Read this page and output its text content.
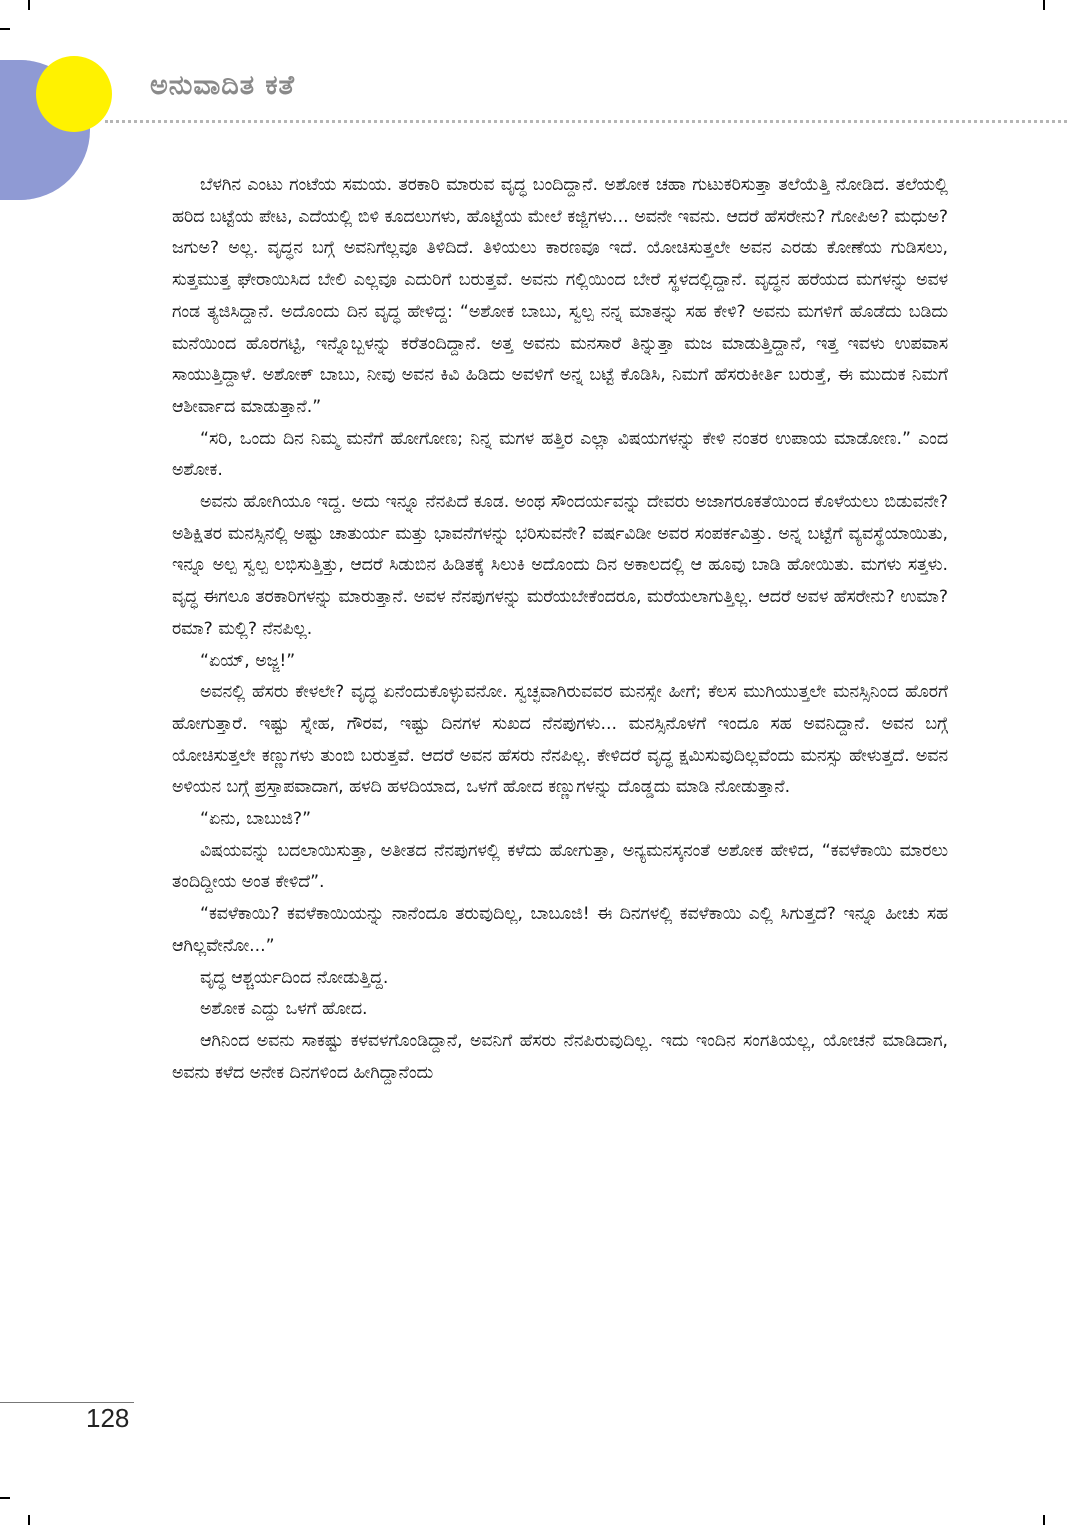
ಅನುವಾದಿತ ಕತೆ

ಬೆಳಗಿನ ಎಂಟು ಗಂಟೆಯ ಸಮಯ. ತರಕಾರಿ ಮಾರುವ ವೃದ್ಧ ಬಂದಿದ್ದಾನೆ. ಅಶೋಕ ಚಹಾ ಗುಟುಕರಿಸುತ್ತಾ ತಲೆಯೆತ್ತಿ ನೋಡಿದ. ತಲೆಯಲ್ಲಿ ಹರಿದ ಬಟ್ಟೆಯ ಪೇಟ, ಎದೆಯಲ್ಲಿ ಬಿಳಿ ಕೂದಲುಗಳು, ಹೊಟ್ಟೆಯ ಮೇಲೆ ಕಜ್ಜಿಗಳು... ಅವನೇ ಇವನು. ಆದರೆ ಹೆಸರೇನು? ಗೋಪಿಅ? ಮಧುಅ? ಜಗುಅ? ಅಲ್ಲ. ವೃದ್ಧನ ಬಗ್ಗೆ ಅವನಿಗೆಲ್ಲವೂ ತಿಳಿದಿದೆ. ತಿಳಿಯಲು ಕಾರಣವೂ ಇದೆ. ಯೋಚಿಸುತ್ತಲೇ ಅವನ ಎರಡು ಕೋಣೆಯ ಗುಡಿಸಲು, ಸುತ್ತಮುತ್ತ ಘೇರಾಯಿಸಿದ ಬೇಲಿ ಎಲ್ಲವೂ ಎದುರಿಗೆ ಬರುತ್ತವೆ. ಅವನು ಗಲ್ಲಿಯಿಂದ ಬೇರೆ ಸ್ಥಳದಲ್ಲಿದ್ದಾನೆ. ವೃದ್ಧನ ಹರೆಯದ ಮಗಳನ್ನು ಅವಳ ಗಂಡ ತ್ಯಜಿಸಿದ್ದಾನೆ. ಅದೊಂದು ದಿನ ವೃದ್ಧ ಹೇಳಿದ್ದ: “ಅಶೋಕ ಬಾಬು, ಸ್ವಲ್ಪ ನನ್ನ ಮಾತನ್ನು ಸಹ ಕೇಳಿ? ಅವನು ಮಗಳಿಗೆ ಹೊಡೆದು ಬಡಿದು ಮನೆಯಿಂದ ಹೊರಗಟ್ಟಿ, ಇನ್ನೊಬ್ಬಳನ್ನು ಕರೆತಂದಿದ್ದಾನೆ. ಅತ್ತ ಅವನು ಮನಸಾರೆ ತಿನ್ನುತ್ತಾ ಮಜ ಮಾಡುತ್ತಿದ್ದಾನೆ, ಇತ್ತ ಇವಳು ಉಪವಾಸ ಸಾಯುತ್ತಿದ್ದಾಳೆ. ಅಶೋಕ್ ಬಾಬು, ನೀವು ಅವನ ಕಿವಿ ಹಿಡಿದು ಅವಳಿಗೆ ಅನ್ನ ಬಟ್ಟೆ ಕೊಡಿಸಿ, ನಿಮಗೆ ಹೆಸರುಕೀರ್ತಿ ಬರುತ್ತೆ, ಈ ಮುದುಕ ನಿಮಗೆ ಆಶೀರ್ವಾದ ಮಾಡುತ್ತಾನೆ.”

“ಸರಿ, ಒಂದು ದಿನ ನಿಮ್ಮ ಮನೆಗೆ ಹೋಗೋಣ; ನಿನ್ನ ಮಗಳ ಹತ್ತಿರ ಎಲ್ಲಾ ವಿಷಯಗಳನ್ನು ಕೇಳಿ ನಂತರ ಉಪಾಯ ಮಾಡೋಣ.” ಎಂದ ಅಶೋಕ.

ಅವನು ಹೋಗಿಯೂ ಇದ್ದ. ಅದು ಇನ್ನೂ ನೆನಪಿದೆ ಕೂಡ. ಅಂಥ ಸೌಂದರ್ಯವನ್ನು ದೇವರು ಅಜಾಗರೂಕತೆಯಿಂದ ಕೊಳೆಯಲು ಬಿಡುವನೇ? ಅಶಿಕ್ಷಿತರ ಮನಸ್ಸಿನಲ್ಲಿ ಅಷ್ಟು ಚಾತುರ್ಯ ಮತ್ತು ಭಾವನೆಗಳನ್ನು ಭರಿಸುವನೇ? ವರ್ಷವಿಡೀ ಅವರ ಸಂಪರ್ಕವಿತ್ತು. ಅನ್ನ ಬಟ್ಟೆಗೆ ವ್ಯವಸ್ಥೆಯಾಯಿತು, ಇನ್ನೂ ಅಲ್ಪ ಸ್ವಲ್ಪ ಲಭಿಸುತ್ತಿತ್ತು, ಆದರೆ ಸಿಡುಬಿನ ಹಿಡಿತಕ್ಕೆ ಸಿಲುಕಿ ಅದೊಂದು ದಿನ ಅಕಾಲದಲ್ಲಿ ಆ ಹೂವು ಬಾಡಿ ಹೋಯಿತು. ಮಗಳು ಸತ್ತಳು. ವೃದ್ಧ ಈಗಲೂ ತರಕಾರಿಗಳನ್ನು ಮಾರುತ್ತಾನೆ. ಅವಳ ನೆನಪುಗಳನ್ನು ಮರೆಯಬೇಕೆಂದರೂ, ಮರೆಯಲಾಗುತ್ತಿಲ್ಲ. ಆದರೆ ಅವಳ ಹೆಸರೇನು? ಉಮಾ? ರಮಾ? ಮಲ್ಲಿ? ನೆನಪಿಲ್ಲ.

“ಏಯ್, ಅಜ್ಜ!”

ಅವನಲ್ಲಿ ಹೆಸರು ಕೇಳಲೇ? ವೃದ್ಧ ಏನೆಂದುಕೊಳ್ಳುವನೋ. ಸ್ವಚ್ಛವಾಗಿರುವವರ ಮನಸ್ಸೇ ಹೀಗೆ; ಕೆಲಸ ಮುಗಿಯುತ್ತಲೇ ಮನಸ್ಸಿನಿಂದ ಹೊರಗೆ ಹೋಗುತ್ತಾರೆ. ಇಷ್ಟು ಸ್ನೇಹ, ಗೌರವ, ಇಷ್ಟು ದಿನಗಳ ಸುಖದ ನೆನಪುಗಳು... ಮನಸ್ಸಿನೊಳಗೆ ಇಂದೂ ಸಹ ಅವನಿದ್ದಾನೆ. ಅವನ ಬಗ್ಗೆ ಯೋಚಿಸುತ್ತಲೇ ಕಣ್ಣುಗಳು ತುಂಬಿ ಬರುತ್ತವೆ. ಆದರೆ ಅವನ ಹೆಸರು ನೆನಪಿಲ್ಲ. ಕೇಳಿದರೆ ವೃದ್ಧ ಕ್ಷಮಿಸುವುದಿಲ್ಲವೆಂದು ಮನಸ್ಸು ಹೇಳುತ್ತದೆ. ಅವನ ಅಳಿಯನ ಬಗ್ಗೆ ಪ್ರಸ್ತಾಪವಾದಾಗ, ಹಳದಿ ಹಳದಿಯಾದ, ಒಳಗೆ ಹೋದ ಕಣ್ಣುಗಳನ್ನು ದೊಡ್ಡದು ಮಾಡಿ ನೋಡುತ್ತಾನೆ.

“ಏನು, ಬಾಬುಜಿ?”

ವಿಷಯವನ್ನು ಬದಲಾಯಿಸುತ್ತಾ, ಅತೀತದ ನೆನಪುಗಳಲ್ಲಿ ಕಳೆದು ಹೋಗುತ್ತಾ, ಅನ್ಯಮನಸ್ಕನಂತೆ ಅಶೋಕ ಹೇಳಿದ, “ಕವಳೆಕಾಯಿ ಮಾರಲು ತಂದಿದ್ದೀಯ ಅಂತ ಕೇಳಿದೆ”.

“ಕವಳೆಕಾಯಿ? ಕವಳೆಕಾಯಿಯನ್ನು ನಾನೆಂದೂ ತರುವುದಿಲ್ಲ, ಬಾಬೂಜಿ! ಈ ದಿನಗಳಲ್ಲಿ ಕವಳೆಕಾಯಿ ಎಲ್ಲಿ ಸಿಗುತ್ತದೆ? ಇನ್ನೂ ಹೀಚು ಸಹ ಆಗಿಲ್ಲವೇನೋ...”

ವೃದ್ಧ ಆಶ್ಚರ್ಯದಿಂದ ನೋಡುತ್ತಿದ್ದ.

ಅಶೋಕ ಎದ್ದು ಒಳಗೆ ಹೋದ.

ಆಗಿನಿಂದ ಅವನು ಸಾಕಷ್ಟು ಕಳವಳಗೊಂಡಿದ್ದಾನೆ, ಅವನಿಗೆ ಹೆಸರು ನೆನಪಿರುವುದಿಲ್ಲ. ಇದು ಇಂದಿನ ಸಂಗತಿಯಲ್ಲ, ಯೋಚನೆ ಮಾಡಿದಾಗ, ಅವನು ಕಳೆದ ಅನೇಕ ದಿನಗಳಿಂದ ಹೀಗಿದ್ದಾನೆಂದು

128
